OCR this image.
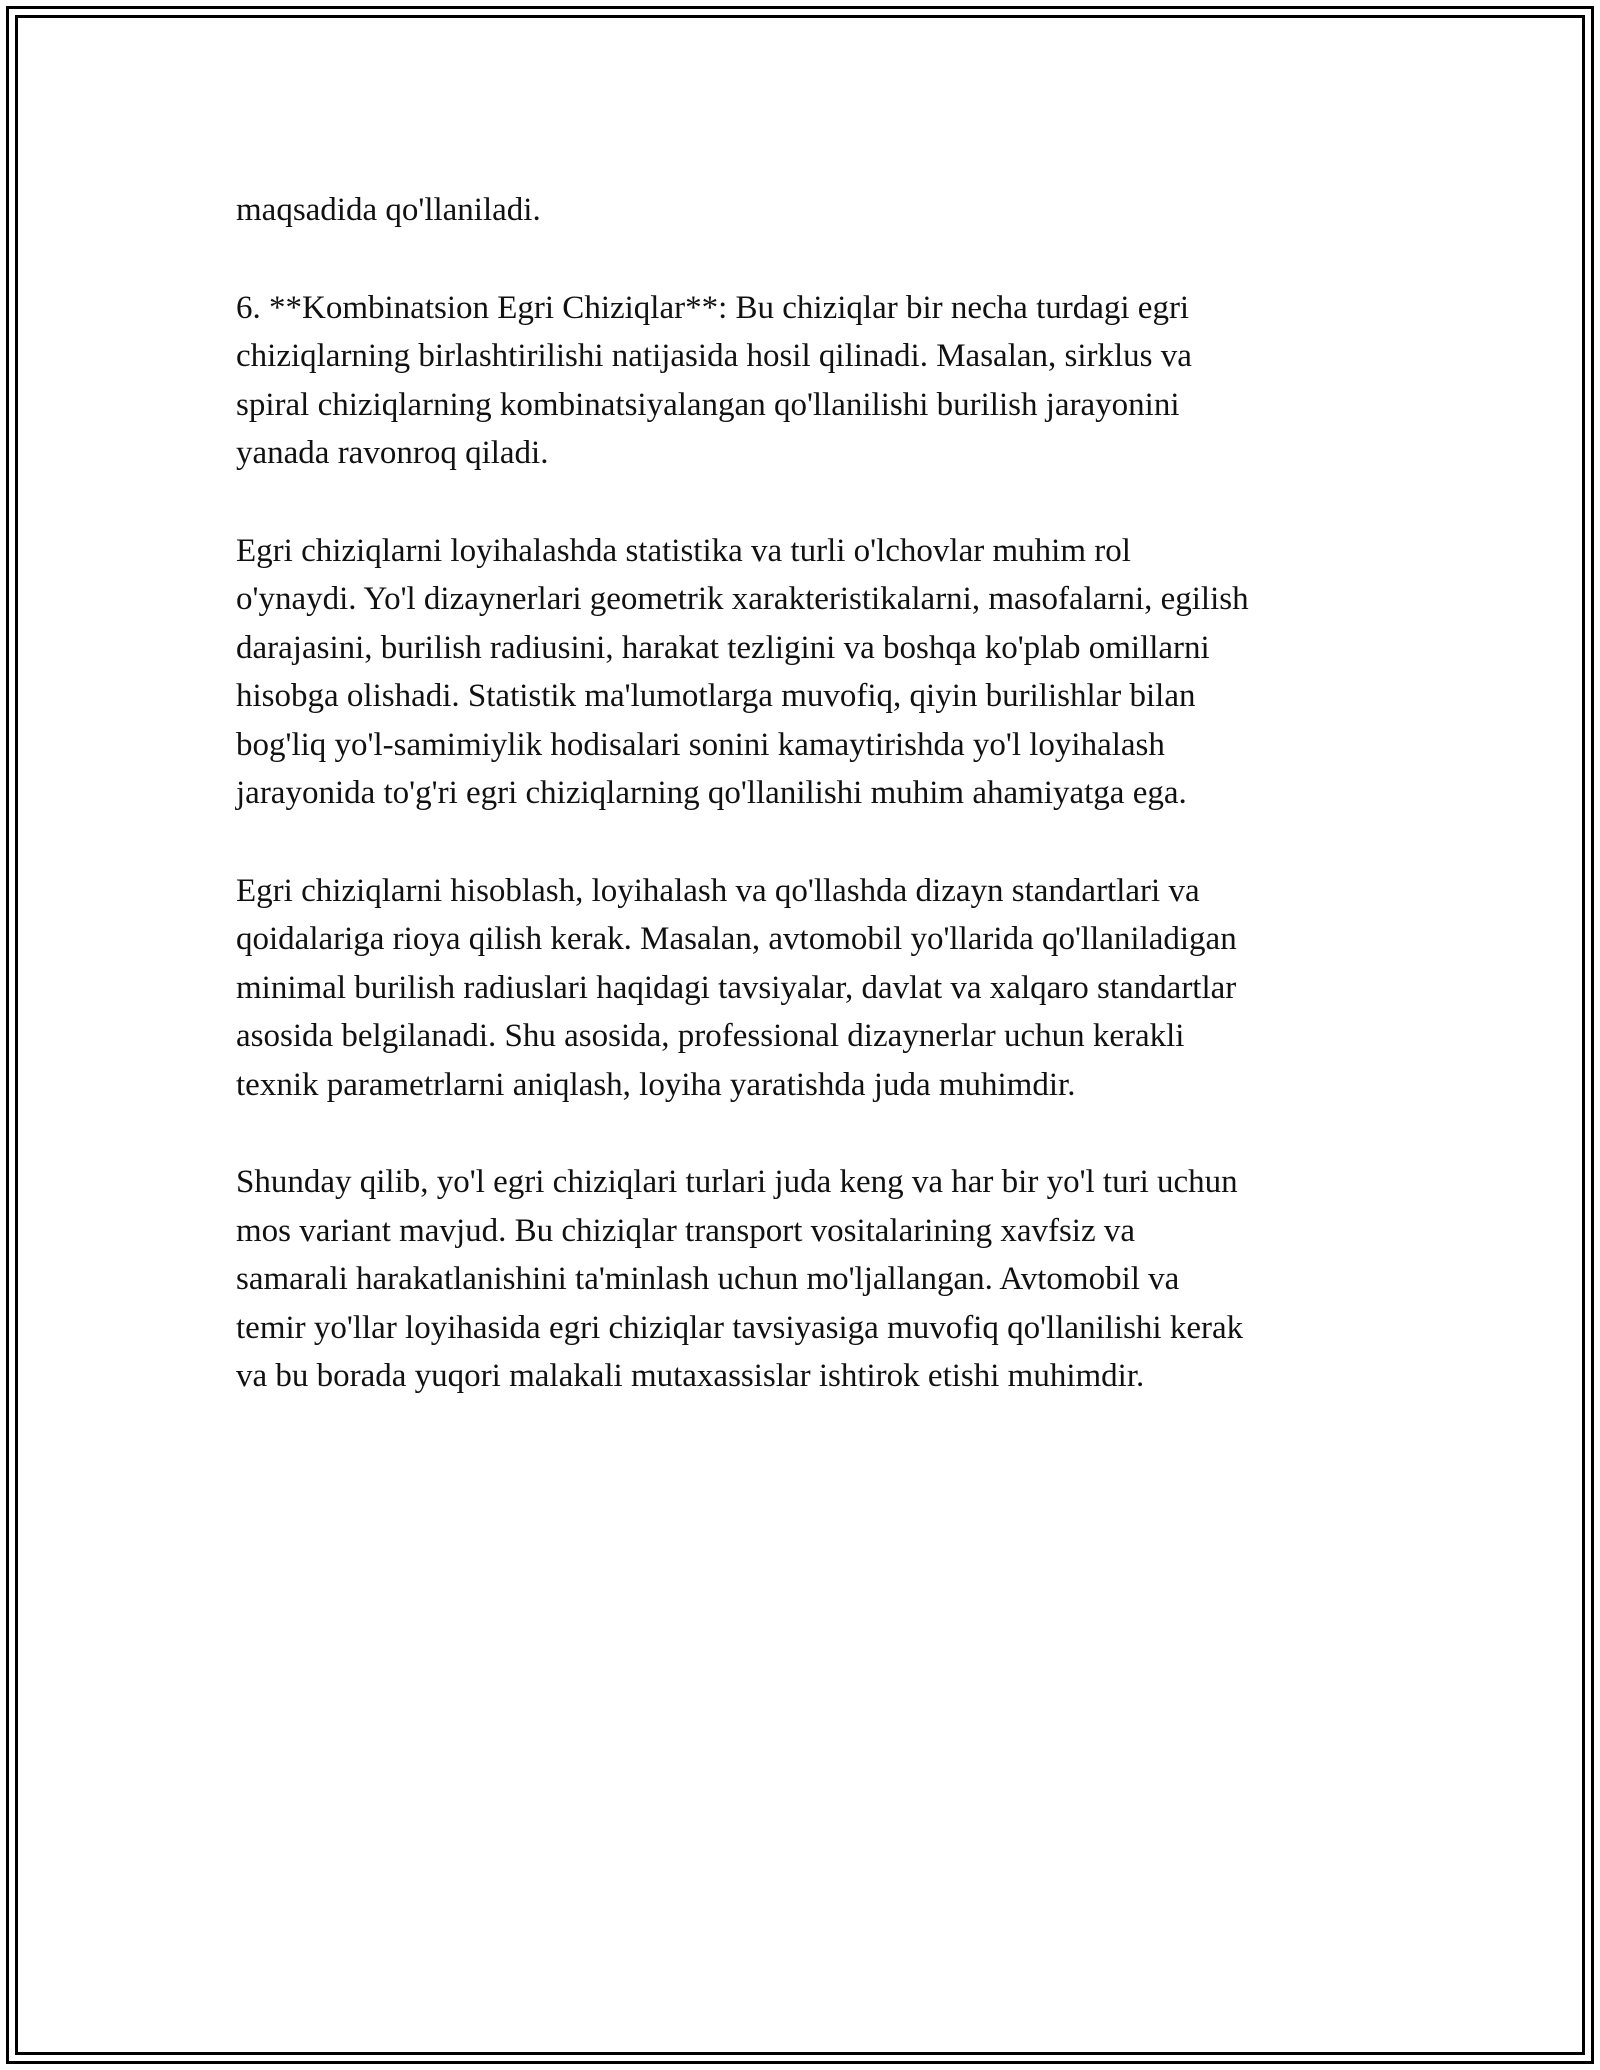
maqsadida qo'llaniladi.

6. **Kombinatsion Egri Chiziqlar**: Bu chiziqlar bir necha turdagi egri
chiziqlarning birlashtirilishi natijasida hosil qilinadi. Masalan, sirklus va
spiral chiziqlarning kombinatsiyalangan qo'llanilishi burilish jarayonini
yanada ravonroq qiladi.

Egri chiziqlarni loyihalashda statistika va turli o'lchovlar muhim rol
o'ynaydi. Yo'l dizaynerlari geometrik xarakteristikalarni, masofalarni, egilish
darajasini, burilish radiusini, harakat tezligini va boshqa ko'plab omillarni
hisobga olishadi. Statistik ma'lumotlarga muvofiq, qiyin burilishlar bilan
bog'liq yo'l-samimiylik hodisalari sonini kamaytirishda yo'l loyihalash
jarayonida to'g'ri egri chiziqlarning qo'llanilishi muhim ahamiyatga ega.

Egri chiziqlarni hisoblash, loyihalash va qo'llashda dizayn standartlari va
qoidalariga rioya qilish kerak. Masalan, avtomobil yo'llarida qo'llaniladigan
minimal burilish radiuslari haqidagi tavsiyalar, davlat va xalqaro standartlar
asosida belgilanadi. Shu asosida, professional dizaynerlar uchun kerakli
texnik parametrlarni aniqlash, loyiha yaratishda juda muhimdir.

Shunday qilib, yo'l egri chiziqlari turlari juda keng va har bir yo'l turi uchun
mos variant mavjud. Bu chiziqlar transport vositalarining xavfsiz va
samarali harakatlanishini ta'minlash uchun mo'ljallangan. Avtomobil va
temir yo'llar loyihasida egri chiziqlar tavsiyasiga muvofiq qo'llanilishi kerak
va bu borada yuqori malakali mutaxassislar ishtirok etishi muhimdir.
